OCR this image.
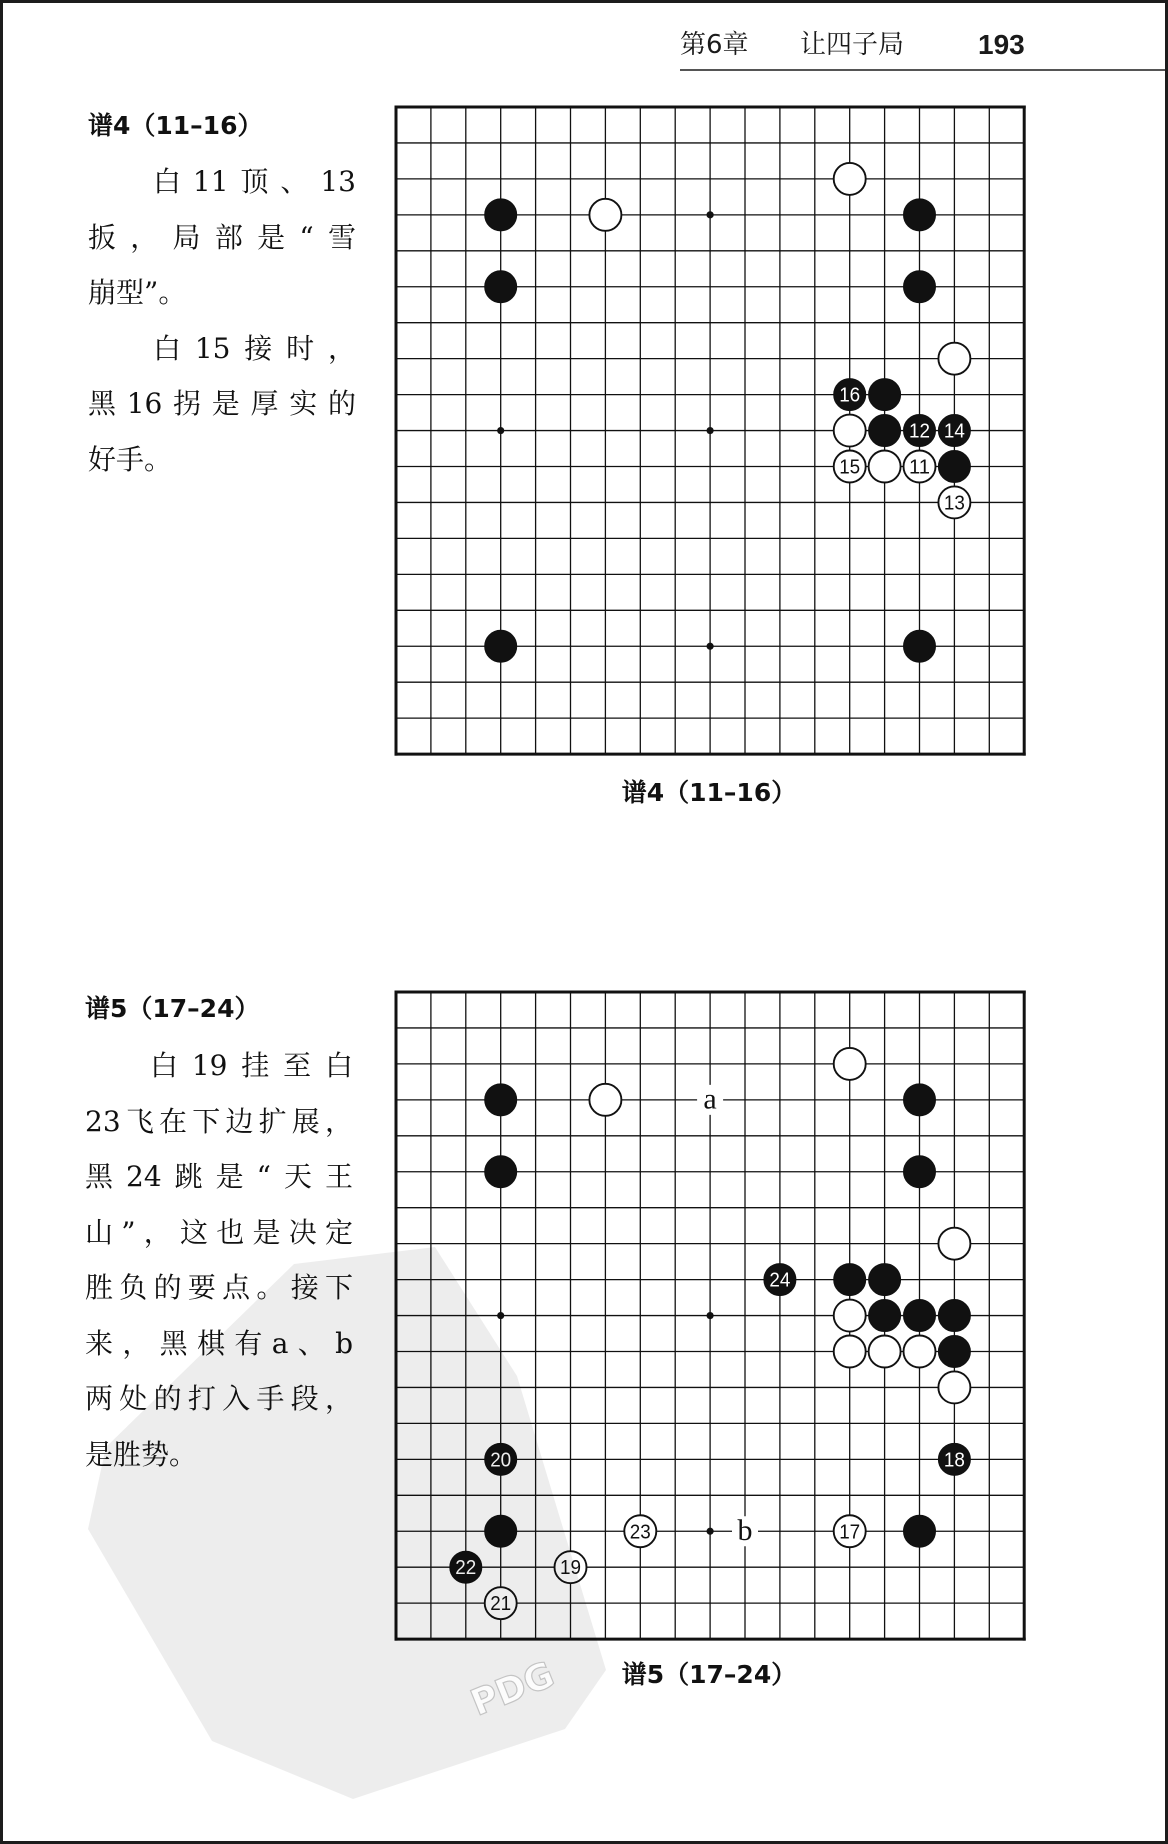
第6章 让四子局	193
谱4（11–16）
白11顶、13
扳，局部是“雪
崩型”。
白15接时，
黑16拐是厚实的
好手。
16
12 14
15 11
13
谱4（11–16）
谱5（17–24）
白19挂至白
23飞在下边扩展，
黑24跳是“天王
山”，这也是决定
胜负的要点。接下
来，黑棋有a、b
两处的打入手段，
是胜势。
24
20	18
23	17
22	19
21
a
b
谱5（17–24）
PDG
